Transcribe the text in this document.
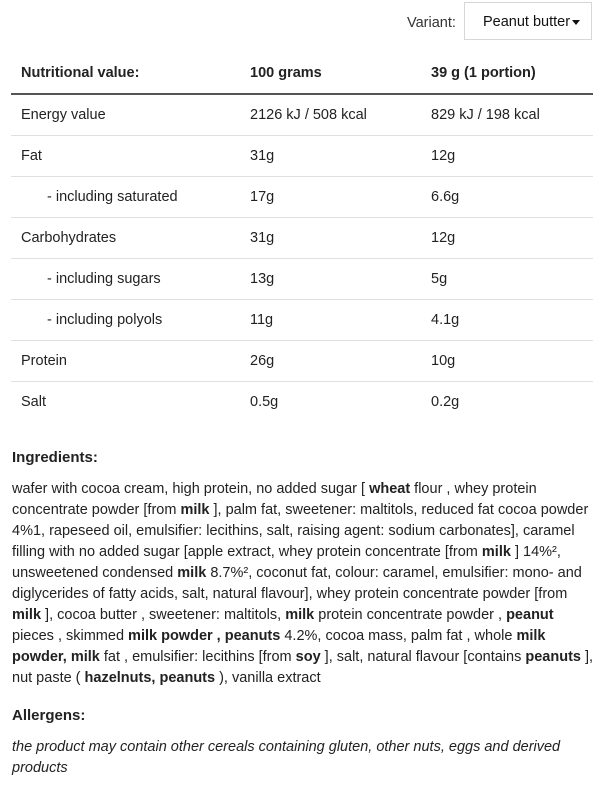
Variant:	Peanut butter
Nutritional value:	100 grams	39 g (1 portion)
Energy value	2126 kJ / 508 kcal	829 kJ / 198 kcal
Fat	31g	12g
- including saturated	17g	6.6g
Carbohydrates	31g	12g
- including sugars	13g	5g
- including polyols	11g	4.1g
Protein	26g	10g
Salt	0.5g	0.2g
Ingredients:
wafer with cocoa cream, high protein, no added sugar [ wheat flour , whey protein concentrate powder [from milk ], palm fat, sweetener: maltitols, reduced fat cocoa powder 4%1, rapeseed oil, emulsifier: lecithins, salt, raising agent: sodium carbonates], caramel filling with no added sugar [apple extract, whey protein concentrate [from milk ] 14%², unsweetened condensed milk 8.7%², coconut fat, colour: caramel, emulsifier: mono- and diglycerides of fatty acids, salt, natural flavour], whey protein concentrate powder [from milk ], cocoa butter , sweetener: maltitols, milk protein concentrate powder , peanut pieces , skimmed milk powder , peanuts 4.2%, cocoa mass, palm fat , whole milk powder, milk fat , emulsifier: lecithins [from soy ], salt, natural flavour [contains peanuts ], nut paste ( hazelnuts, peanuts ), vanilla extract
Allergens:
the product may contain other cereals containing gluten, other nuts, eggs and derived products
